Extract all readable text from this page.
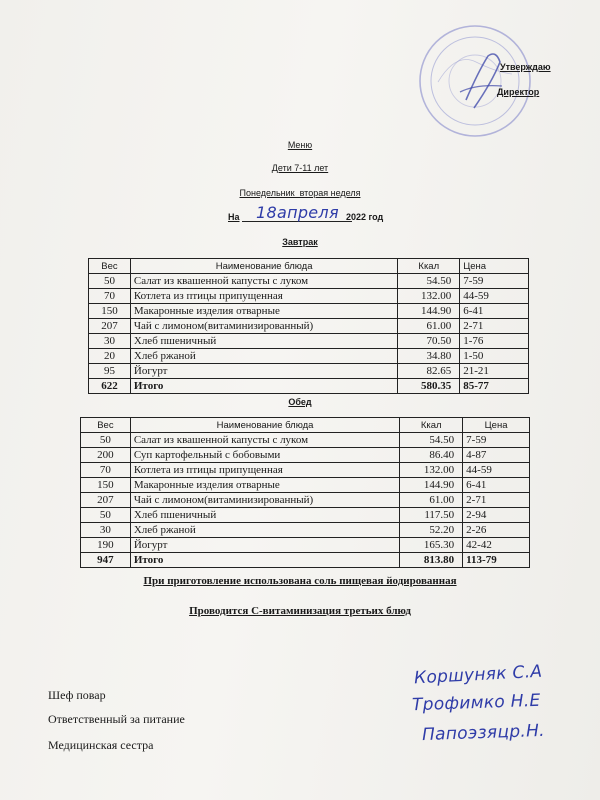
Утверждаю
Директор
Меню
Дети 7-11 лет
Понедельник  вторая неделя
На 18апреля 2022 год
Завтрак
Вес	Наименование блюда	Ккал	Цена
50	Салат из квашенной капусты с луком	54.50	7-59
70	Котлета из птицы припущенная	132.00	44-59
150	Макаронные изделия отварные	144.90	6-41
207	Чай с лимоном(витаминизированный)	61.00	2-71
30	Хлеб пшеничный	70.50	1-76
20	Хлеб ржаной	34.80	1-50
95	Йогурт	82.65	21-21
622	Итого	580.35	85-77
Обед
Вес	Наименование блюда	Ккал	Цена
50	Салат из квашенной капусты с луком	54.50	7-59
200	Суп картофельный с бобовыми	86.40	4-87
70	Котлета из птицы припущенная	132.00	44-59
150	Макаронные изделия отварные	144.90	6-41
207	Чай с лимоном(витаминизированный)	61.00	2-71
50	Хлеб пшеничный	117.50	2-94
30	Хлеб ржаной	52.20	2-26
190	Йогурт	165.30	42-42
947	Итого	813.80	113-79
При приготовление использована соль пищевая йодированная
Проводится С-витаминизация третьих блюд
Шеф повар
Ответственный за питание
Медицинская сестра
Коршуняк С.А
Трофимко Н.Е
Папоэзяцр.Н.
